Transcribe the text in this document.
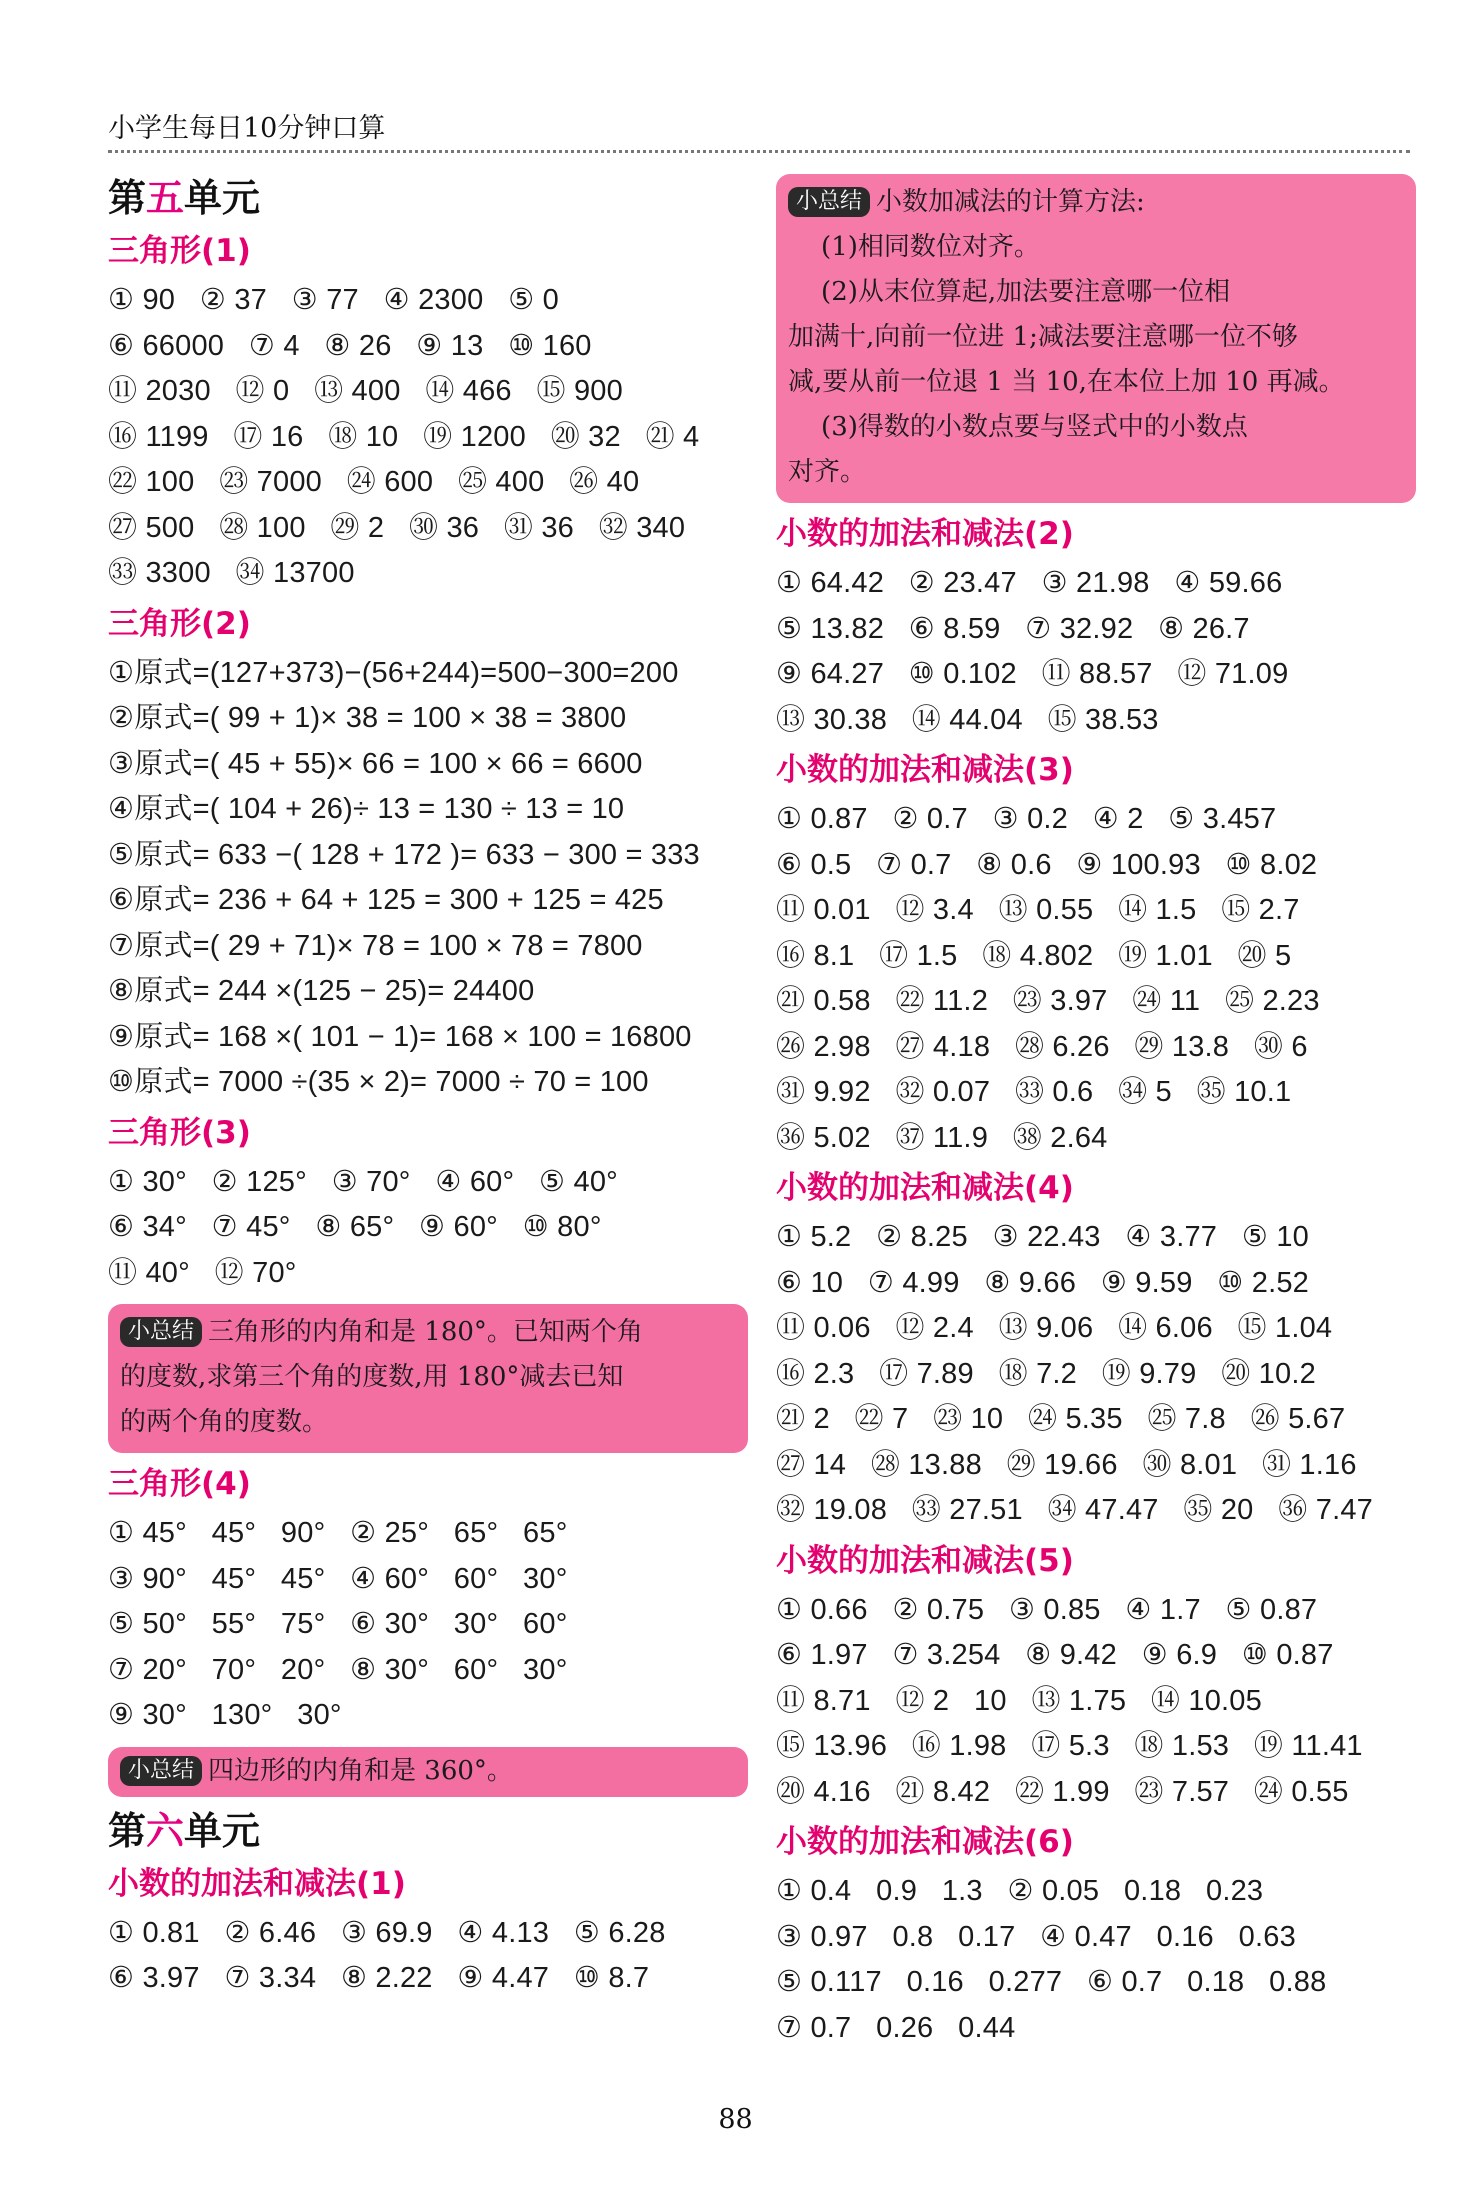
小学生每日10分钟口算
第五单元
三角形(1)
① 90   ② 37   ③ 77   ④ 2300   ⑤ 0
⑥ 66000   ⑦ 4   ⑧ 26   ⑨ 13   ⑩ 160
⑪ 2030   ⑫ 0   ⑬ 400   ⑭ 466   ⑮ 900
⑯ 1199   ⑰ 16   ⑱ 10   ⑲ 1200   ⑳ 32   ㉑ 4
㉒ 100   ㉓ 7000   ㉔ 600   ㉕ 400   ㉖ 40
㉗ 500   ㉘ 100   ㉙ 2   ㉚ 36   ㉛ 36   ㉜ 340
㉝ 3300   ㉞ 13700
三角形(2)
①原式=(127+373)−(56+244)=500−300=200
②原式=( 99 + 1)× 38 = 100 × 38 = 3800
③原式=( 45 + 55)× 66 = 100 × 66 = 6600
④原式=( 104 + 26)÷ 13 = 130 ÷ 13 = 10
⑤原式= 633 −( 128 + 172 )= 633 − 300 = 333
⑥原式= 236 + 64 + 125 = 300 + 125 = 425
⑦原式=( 29 + 71)× 78 = 100 × 78 = 7800
⑧原式= 244 ×(125 − 25)= 24400
⑨原式= 168 ×( 101 − 1)= 168 × 100 = 16800
⑩原式= 7000 ÷(35 × 2)= 7000 ÷ 70 = 100
三角形(3)
① 30°   ② 125°   ③ 70°   ④ 60°   ⑤ 40°
⑥ 34°   ⑦ 45°   ⑧ 65°   ⑨ 60°   ⑩ 80°
⑪ 40°   ⑫ 70°
小总结 三角形的内角和是 180°。已知两个角
的度数,求第三个角的度数,用 180°减去已知
的两个角的度数。
三角形(4)
① 45°   45°   90°   ② 25°   65°   65°
③ 90°   45°   45°   ④ 60°   60°   30°
⑤ 50°   55°   75°   ⑥ 30°   30°   60°
⑦ 20°   70°   20°   ⑧ 30°   60°   30°
⑨ 30°   130°   30°
小总结 四边形的内角和是 360°。
第六单元
小数的加法和减法(1)
① 0.81   ② 6.46   ③ 69.9   ④ 4.13   ⑤ 6.28
⑥ 3.97   ⑦ 3.34   ⑧ 2.22   ⑨ 4.47   ⑩ 8.7
小总结 小数加减法的计算方法:
(1)相同数位对齐。
(2)从末位算起,加法要注意哪一位相
加满十,向前一位进 1;减法要注意哪一位不够
减,要从前一位退 1 当 10,在本位上加 10 再减。
(3)得数的小数点要与竖式中的小数点
对齐。
小数的加法和减法(2)
① 64.42   ② 23.47   ③ 21.98   ④ 59.66
⑤ 13.82   ⑥ 8.59   ⑦ 32.92   ⑧ 26.7
⑨ 64.27   ⑩ 0.102   ⑪ 88.57   ⑫ 71.09
⑬ 30.38   ⑭ 44.04   ⑮ 38.53
小数的加法和减法(3)
① 0.87   ② 0.7   ③ 0.2   ④ 2   ⑤ 3.457
⑥ 0.5   ⑦ 0.7   ⑧ 0.6   ⑨ 100.93   ⑩ 8.02
⑪ 0.01   ⑫ 3.4   ⑬ 0.55   ⑭ 1.5   ⑮ 2.7
⑯ 8.1   ⑰ 1.5   ⑱ 4.802   ⑲ 1.01   ⑳ 5
㉑ 0.58   ㉒ 11.2   ㉓ 3.97   ㉔ 11   ㉕ 2.23
㉖ 2.98   ㉗ 4.18   ㉘ 6.26   ㉙ 13.8   ㉚ 6
㉛ 9.92   ㉜ 0.07   ㉝ 0.6   ㉞ 5   ㉟ 10.1
㊱ 5.02   ㊲ 11.9   ㊳ 2.64
小数的加法和减法(4)
① 5.2   ② 8.25   ③ 22.43   ④ 3.77   ⑤ 10
⑥ 10   ⑦ 4.99   ⑧ 9.66   ⑨ 9.59   ⑩ 2.52
⑪ 0.06   ⑫ 2.4   ⑬ 9.06   ⑭ 6.06   ⑮ 1.04
⑯ 2.3   ⑰ 7.89   ⑱ 7.2   ⑲ 9.79   ⑳ 10.2
㉑ 2   ㉒ 7   ㉓ 10   ㉔ 5.35   ㉕ 7.8   ㉖ 5.67
㉗ 14   ㉘ 13.88   ㉙ 19.66   ㉚ 8.01   ㉛ 1.16
㉜ 19.08   ㉝ 27.51   ㉞ 47.47   ㉟ 20   ㊱ 7.47
小数的加法和减法(5)
① 0.66   ② 0.75   ③ 0.85   ④ 1.7   ⑤ 0.87
⑥ 1.97   ⑦ 3.254   ⑧ 9.42   ⑨ 6.9   ⑩ 0.87
⑪ 8.71   ⑫ 2   10   ⑬ 1.75   ⑭ 10.05
⑮ 13.96   ⑯ 1.98   ⑰ 5.3   ⑱ 1.53   ⑲ 11.41
⑳ 4.16   ㉑ 8.42   ㉒ 1.99   ㉓ 7.57   ㉔ 0.55
小数的加法和减法(6)
① 0.4   0.9   1.3   ② 0.05   0.18   0.23
③ 0.97   0.8   0.17   ④ 0.47   0.16   0.63
⑤ 0.117   0.16   0.277   ⑥ 0.7   0.18   0.88
⑦ 0.7   0.26   0.44
88
